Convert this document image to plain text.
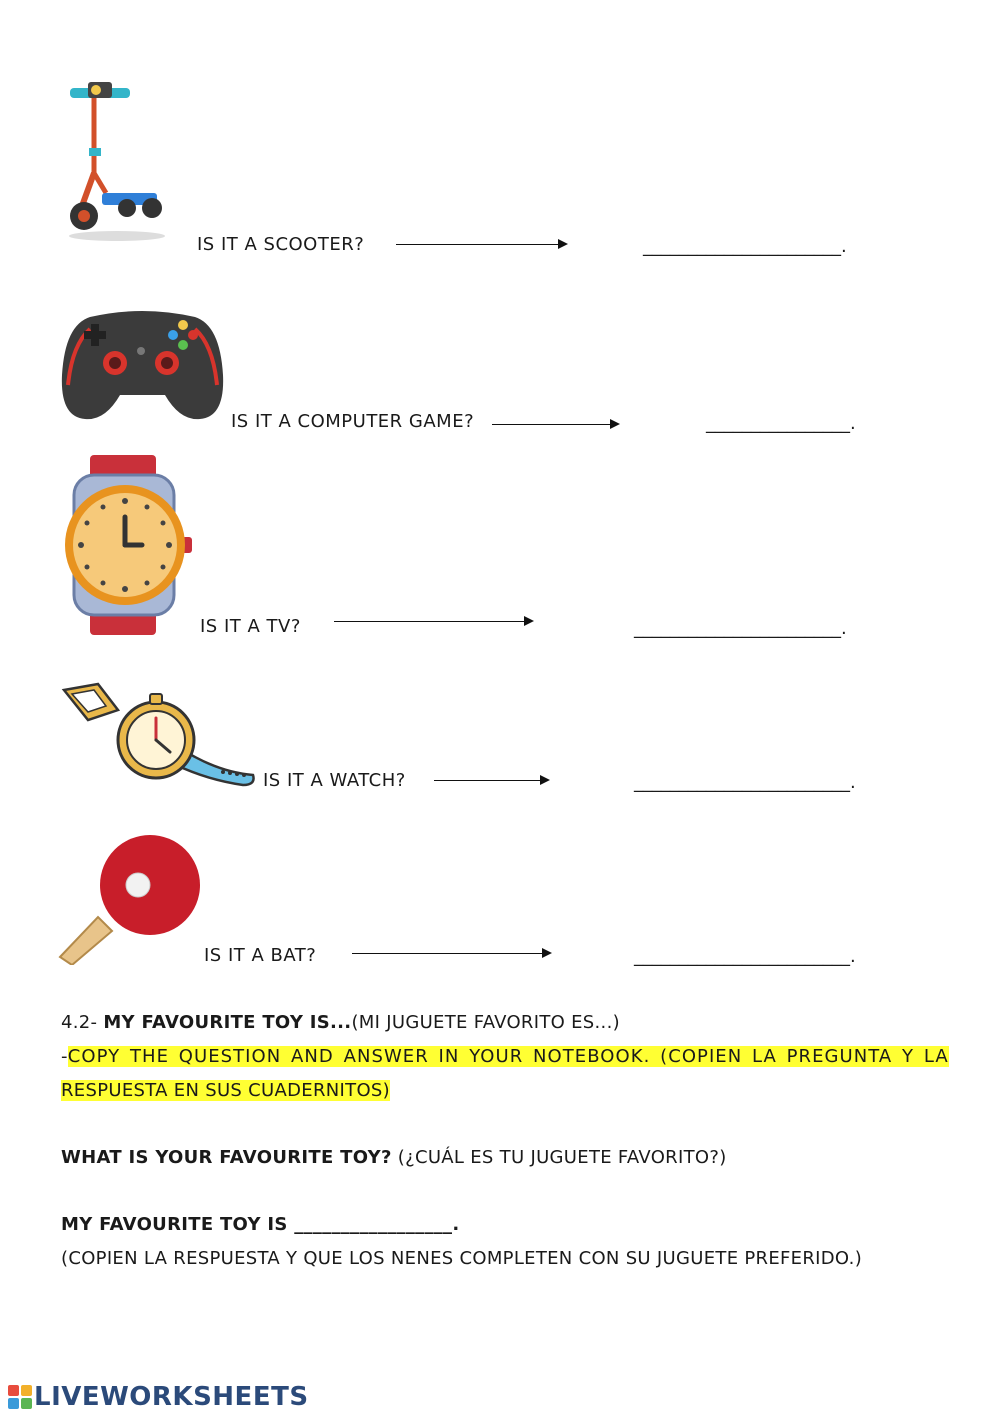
IS IT A SCOOTER?	______________________.
IS IT A COMPUTER GAME?	________________.
IS IT A TV?	_______________________.
IS IT A WATCH?	________________________.
IS IT A BAT?	________________________.
4.2- MY FAVOURITE TOY IS...(MI JUGUETE FAVORITO ES...)
-COPY THE QUESTION AND ANSWER IN YOUR NOTEBOOK. (COPIEN LA PREGUNTA Y LA
RESPUESTA EN SUS CUADERNITOS)
WHAT IS YOUR FAVOURITE TOY? (¿CUÁL ES TU JUGUETE FAVORITO?)
MY FAVOURITE TOY IS _________________.
(COPIEN LA RESPUESTA Y QUE LOS NENES COMPLETEN CON SU JUGUETE PREFERIDO.)
LIVEWORKSHEETS
